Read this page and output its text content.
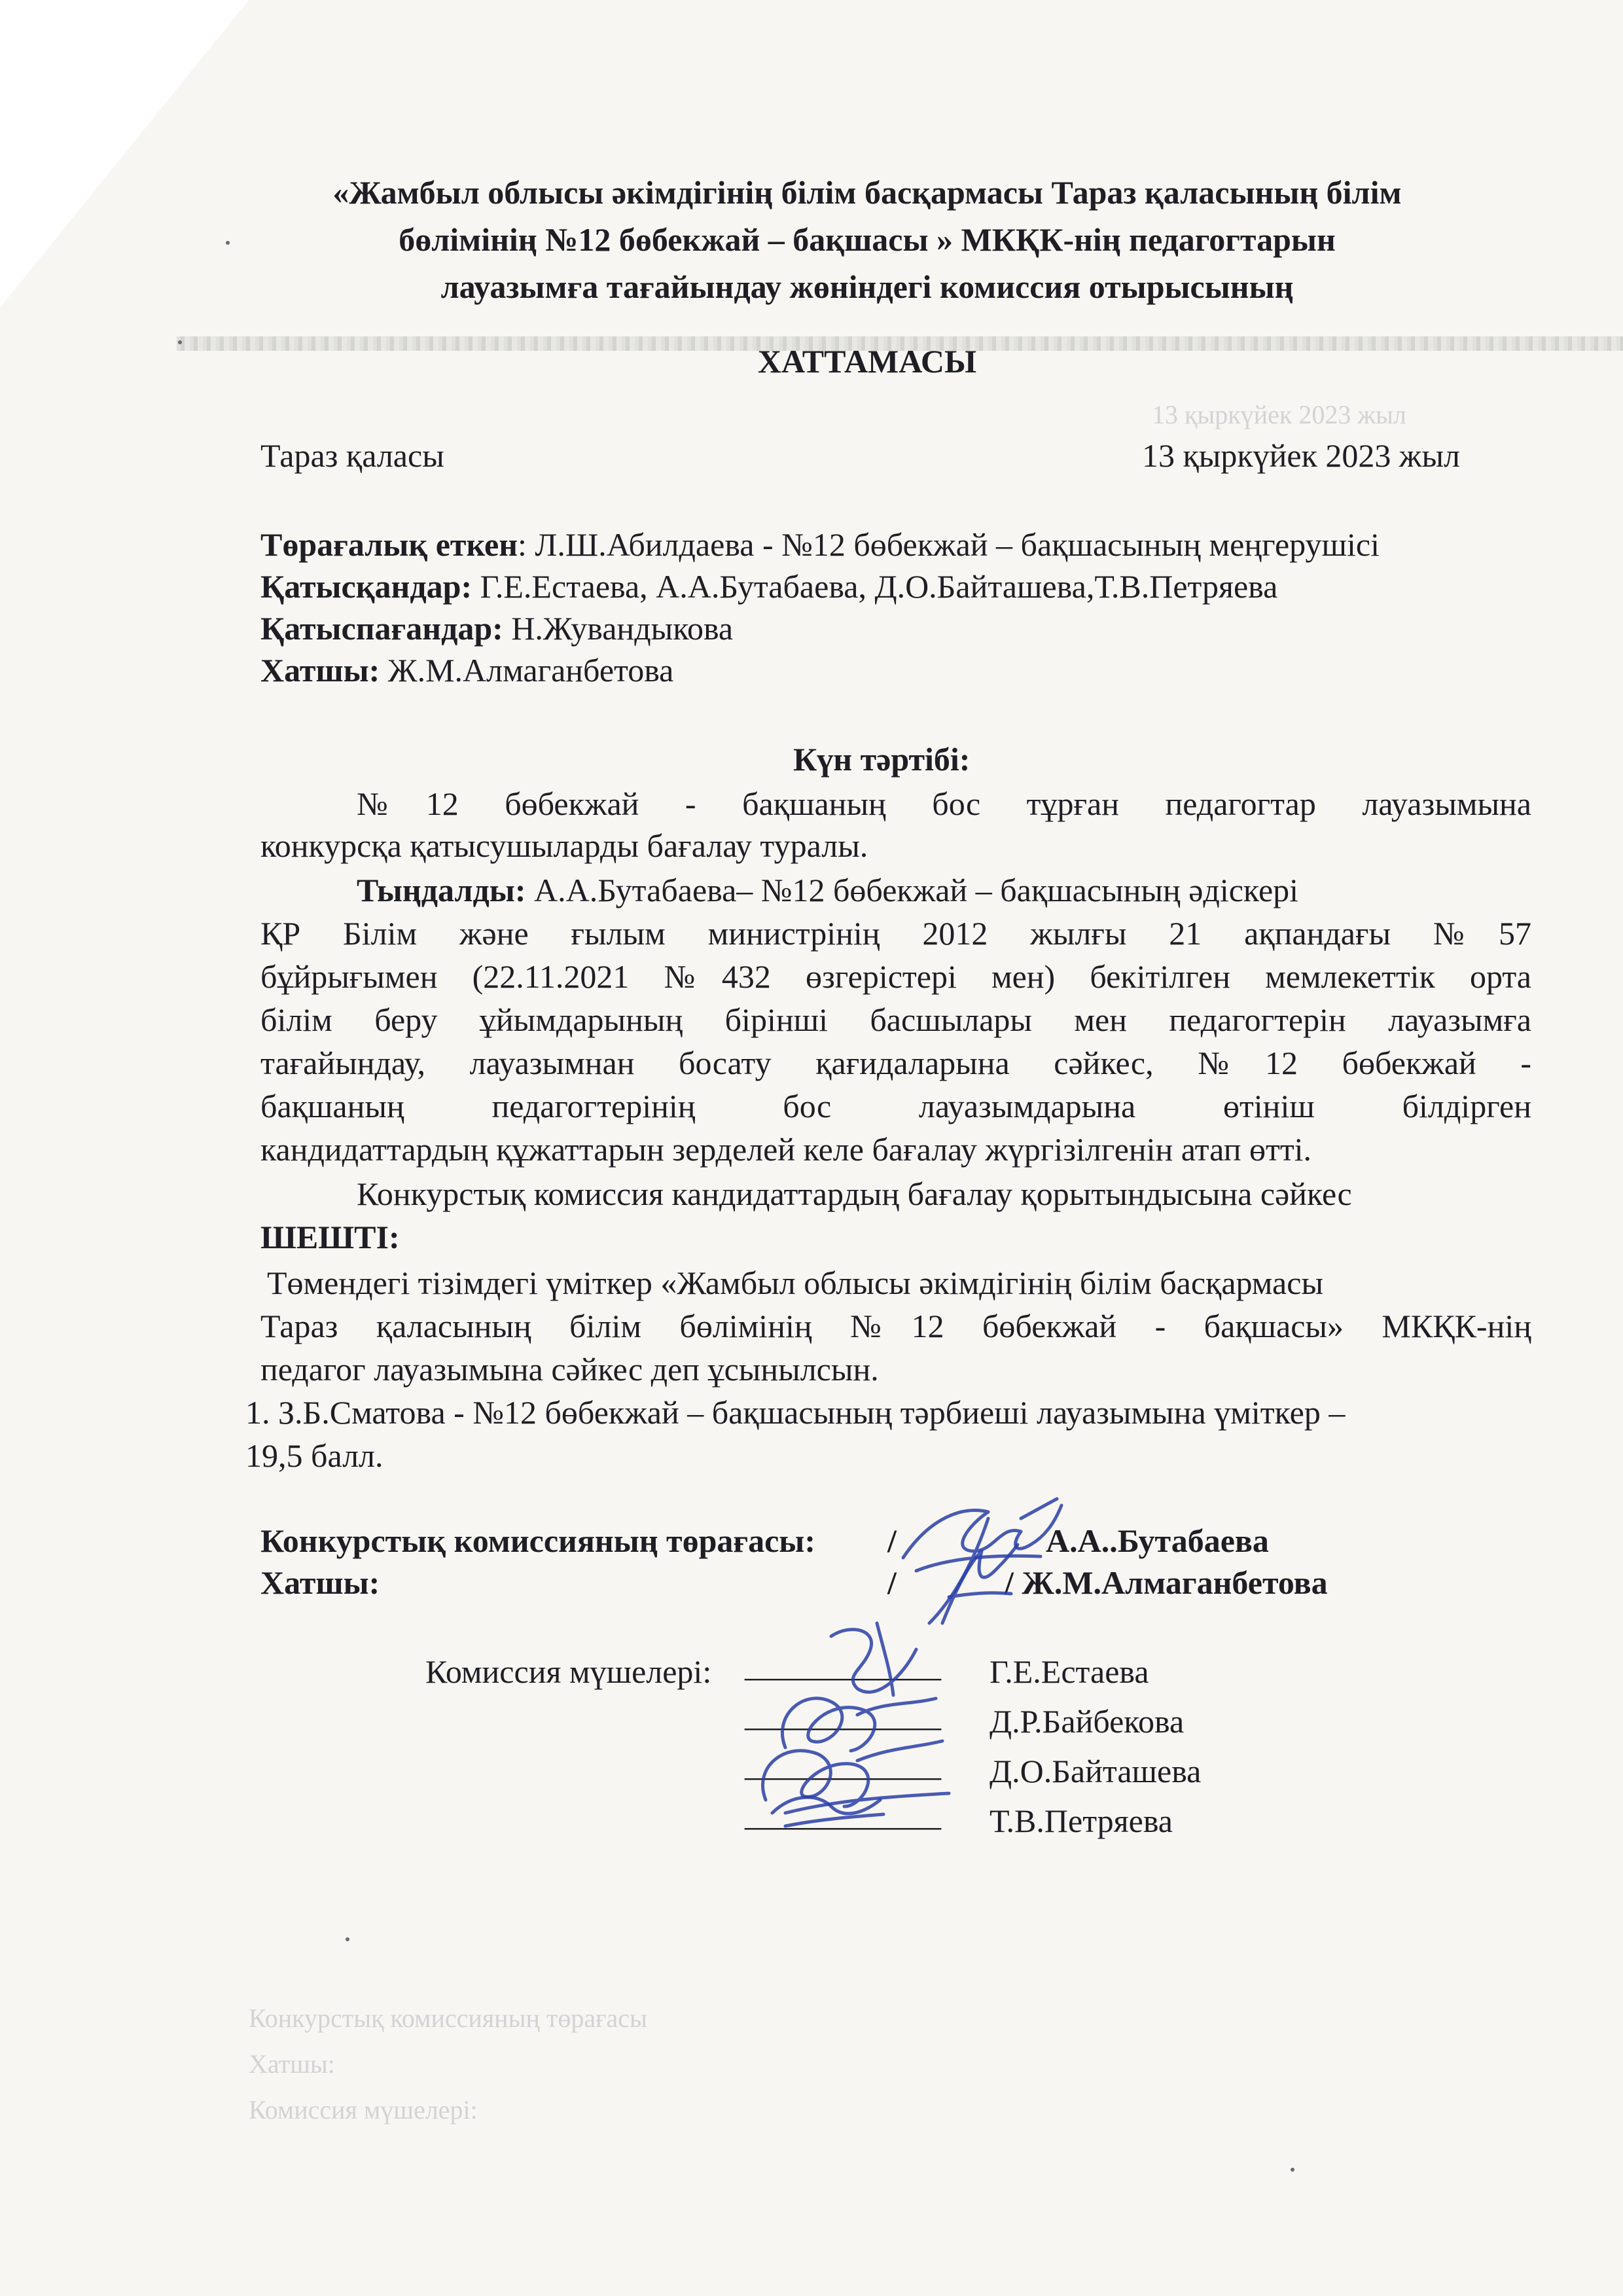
13 қыркүйек 2023 жыл
Конкурстық комиссияның төрағасы
Хатшы:
Комиссия мүшелері:
«Жамбыл облысы әкімдігінің білім басқармасы Тараз қаласының білім
бөлімінің №12 бөбекжай – бақшасы » МКҚК-нің педагогтарын
лауазымға тағайындау жөніндегі комиссия отырысының
ХАТТАМАСЫ
Тараз қаласы	13 қыркүйек 2023 жыл
Төрағалық еткен: Л.Ш.Абилдаева - №12 бөбекжай – бақшасының меңгерушісі
Қатысқандар: Г.Е.Естаева, А.А.Бутабаева, Д.О.Байташева,Т.В.Петряева
Қатыспағандар: Н.Жувандыкова
Хатшы: Ж.М.Алмаганбетова
Күн тәртібі:
№12 бөбекжай - бақшаның бос тұрған педагогтар лауазымына
конкурсқа қатысушыларды бағалау туралы.
Тыңдалды: А.А.Бутабаева– №12 бөбекжай – бақшасының әдіскері
ҚР Білім және ғылым министрінің 2012 жылғы 21 ақпандағы №57
бұйрығымен (22.11.2021 №432 өзгерістері мен) бекітілген мемлекеттік орта
білім беру ұйымдарының бірінші басшылары мен педагогтерін лауазымға
тағайындау, лауазымнан босату қағидаларына сәйкес, №12 бөбекжай -
бақшаның педагогтерінің бос лауазымдарына өтініш білдірген
кандидаттардың құжаттарын зерделей келе бағалау жүргізілгенін атап өтті.
Конкурстық комиссия кандидаттардың бағалау қорытындысына сәйкес
ШЕШТІ:
Төмендегі тізімдегі үміткер «Жамбыл облысы әкімдігінің білім басқармасы
Тараз қаласының білім бөлімінің №12 бөбекжай - бақшасы» МКҚК-нің
педагог лауазымына сәйкес деп ұсынылсын.
1. З.Б.Сматова - №12 бөбекжай – бақшасының тәрбиеші лауазымына үміткер –
19,5 балл.
Конкурстық комиссияның төрағасы: /	А.А..Бутабаева
Хатшы:	/	/ Ж.М.Алмаганбетова
Комиссия мүшелері: ____________ Г.Е.Естаева
____________ Д.Р.Байбекова
____________ Д.О.Байташева
____________ Т.В.Петряева
